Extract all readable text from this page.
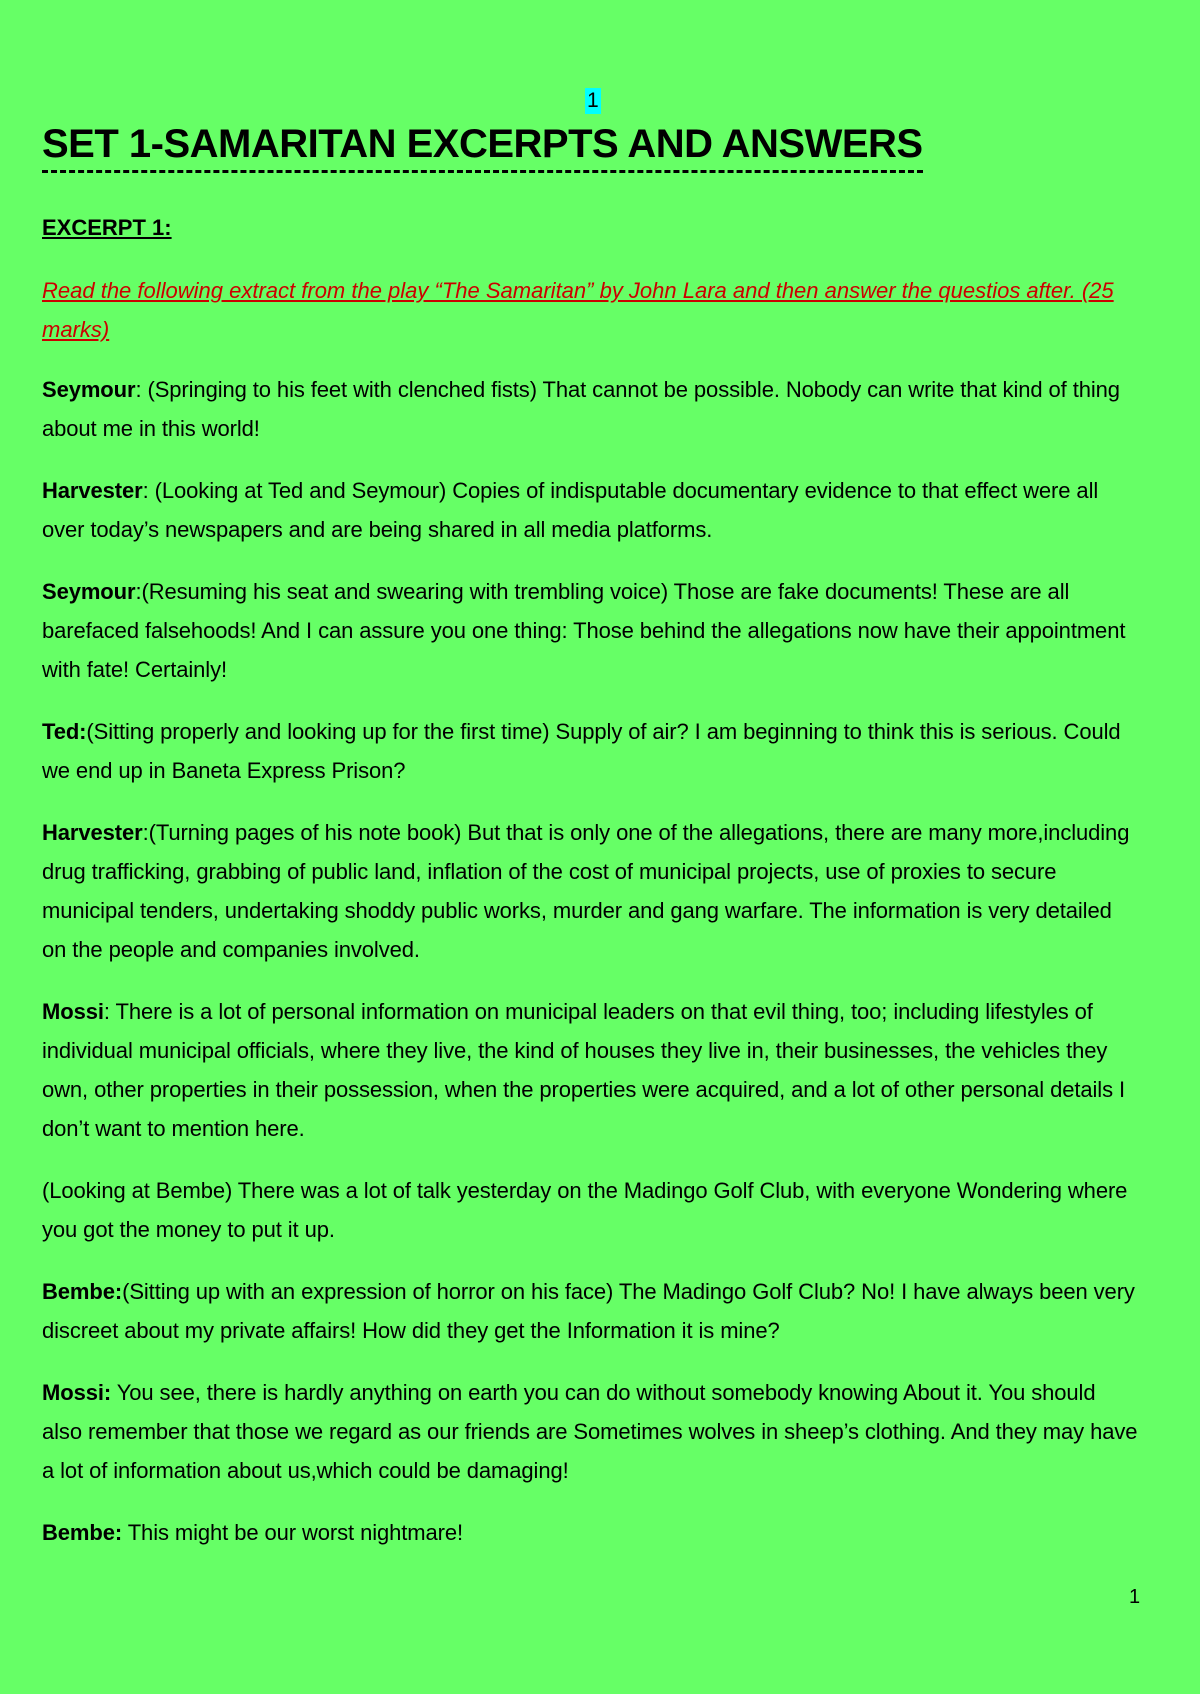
1
SET 1-SAMARITAN EXCERPTS AND ANSWERS
EXCERPT 1:
Read the following extract from the play “The Samaritan” by John Lara and then answer the questios after. (25 marks)

Seymour: (Springing to his feet with clenched fists) That cannot be possible. Nobody can write that kind of thing about me in this world!

Harvester: (Looking at Ted and Seymour) Copies of indisputable documentary evidence to that effect were all over today’s newspapers and are being shared in all media platforms.

Seymour:(Resuming his seat and swearing with trembling voice) Those are fake documents! These are all barefaced falsehoods! And I can assure you one thing: Those behind the allegations now have their appointment with fate! Certainly!

Ted:(Sitting properly and looking up for the first time) Supply of air? I am beginning to think this is serious. Could we end up in Baneta Express Prison?

Harvester:(Turning pages of his note book) But that is only one of the allegations, there are many more,including drug trafficking, grabbing of public land, inflation of the cost of municipal projects, use of proxies to secure municipal tenders, undertaking shoddy public works, murder and gang warfare. The information is very detailed on the people and companies involved.

Mossi: There is a lot of personal information on municipal leaders on that evil thing, too; including lifestyles of individual municipal officials, where they live, the kind of houses they live in, their businesses, the vehicles they own, other properties in their possession, when the properties were acquired, and a lot of other personal details I don’t want to mention here.

(Looking at Bembe) There was a lot of talk yesterday on the Madingo Golf Club, with everyone Wondering where you got the money to put it up.

Bembe:(Sitting up with an expression of horror on his face) The Madingo Golf Club? No! I have always been very discreet about my private affairs! How did they get the Information it is mine?

Mossi: You see, there is hardly anything on earth you can do without somebody knowing About it. You should also remember that those we regard as our friends are Sometimes wolves in sheep’s clothing. And they may have a lot of information about us,which could be damaging!

Bembe: This might be our worst nightmare!

1
